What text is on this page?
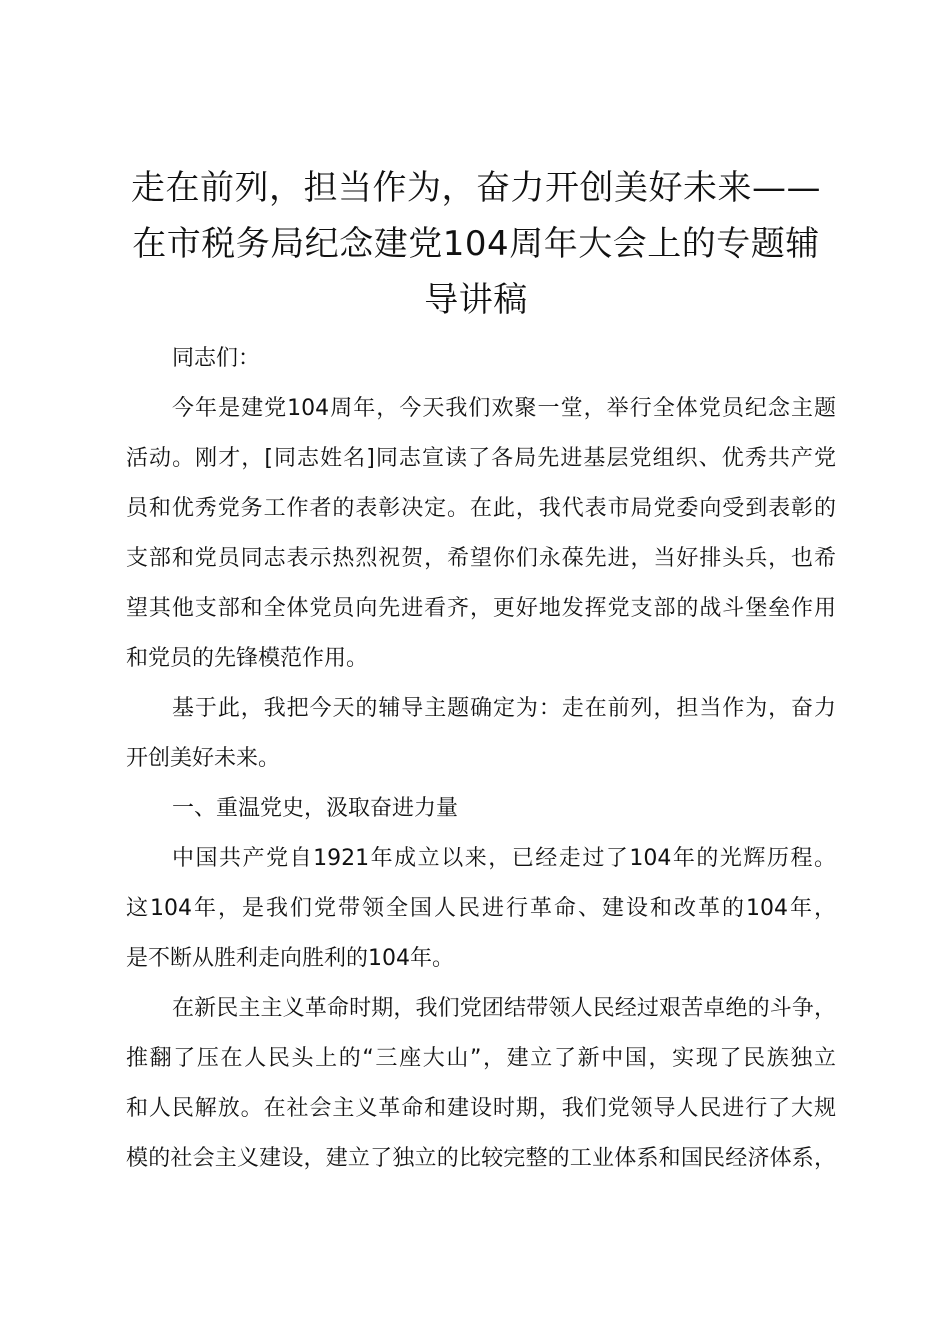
走在前列，担当作为，奋力开创美好未来——
在市税务局纪念建党104周年大会上的专题辅
导讲稿

同志们：

今年是建党104周年，今天我们欢聚一堂，举行全体党员纪念主题

活动。刚才，[同志姓名]同志宣读了各局先进基层党组织、优秀共产党

员和优秀党务工作者的表彰决定。在此，我代表市局党委向受到表彰的

支部和党员同志表示热烈祝贺，希望你们永葆先进，当好排头兵，也希

望其他支部和全体党员向先进看齐，更好地发挥党支部的战斗堡垒作用

和党员的先锋模范作用。

基于此，我把今天的辅导主题确定为：走在前列，担当作为，奋力

开创美好未来。

一、重温党史，汲取奋进力量

中国共产党自1921年成立以来，已经走过了104年的光辉历程。

这104年，是我们党带领全国人民进行革命、建设和改革的104年，

是不断从胜利走向胜利的104年。

在新民主主义革命时期，我们党团结带领人民经过艰苦卓绝的斗争，

推翻了压在人民头上的“三座大山”，建立了新中国，实现了民族独立

和人民解放。在社会主义革命和建设时期，我们党领导人民进行了大规

模的社会主义建设，建立了独立的比较完整的工业体系和国民经济体系，
